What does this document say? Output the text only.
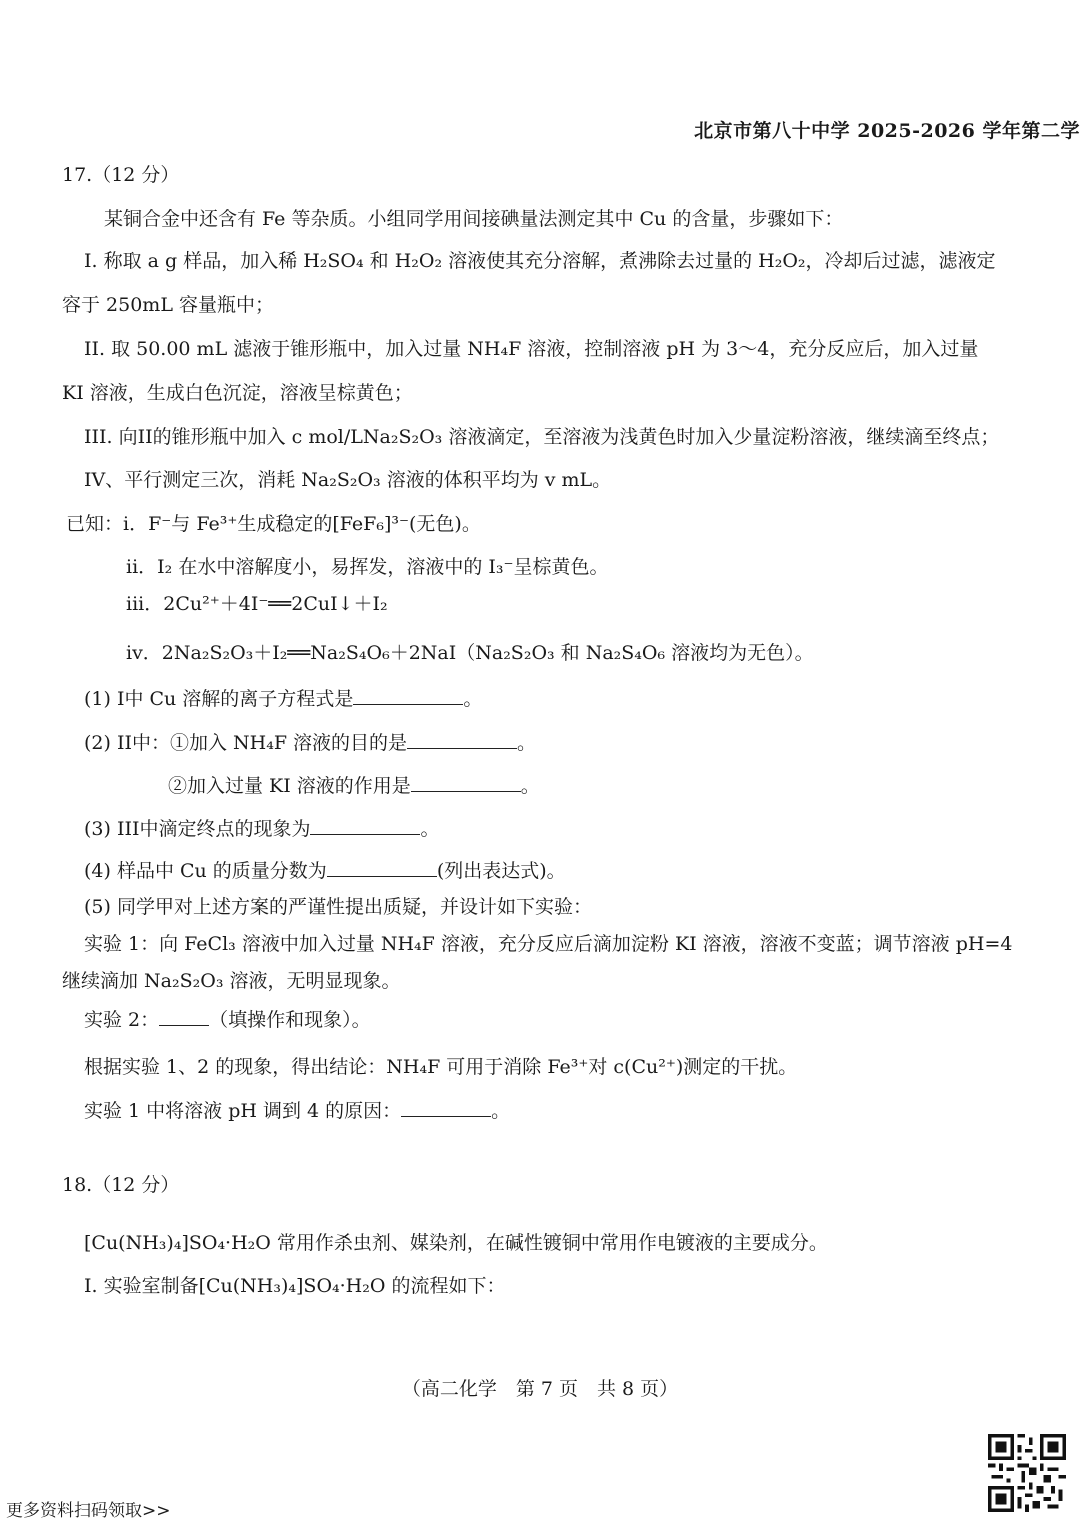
北京市第八十中学 2025-2026 学年第二学
17.（12 分）
某铜合金中还含有 Fe 等杂质。小组同学用间接碘量法测定其中 Cu 的含量，步骤如下：
I. 称取 a g 样品，加入稀 H₂SO₄ 和 H₂O₂ 溶液使其充分溶解，煮沸除去过量的 H₂O₂，冷却后过滤，滤液定
容于 250mL 容量瓶中；
II. 取 50.00 mL 滤液于锥形瓶中，加入过量 NH₄F 溶液，控制溶液 pH 为 3～4，充分反应后，加入过量
KI 溶液，生成白色沉淀，溶液呈棕黄色；
III. 向II的锥形瓶中加入 c mol/LNa₂S₂O₃ 溶液滴定，至溶液为浅黄色时加入少量淀粉溶液，继续滴至终点；
IV、平行测定三次，消耗 Na₂S₂O₃ 溶液的体积平均为 v mL。
已知：i．F⁻与 Fe³⁺生成稳定的[FeF₆]³⁻(无色)。
ii．I₂ 在水中溶解度小，易挥发，溶液中的 I₃⁻呈棕黄色。
iii．2Cu²⁺＋4I⁻══2CuI↓＋I₂
iv．2Na₂S₂O₃＋I₂══Na₂S₄O₆＋2NaI（Na₂S₂O₃ 和 Na₂S₄O₆ 溶液均为无色）。
(1) I中 Cu 溶解的离子方程式是	。
(2) II中：①加入 NH₄F 溶液的目的是	。
②加入过量 KI 溶液的作用是	。
(3) III中滴定终点的现象为	。
(4) 样品中 Cu 的质量分数为	(列出表达式)。
(5) 同学甲对上述方案的严谨性提出质疑，并设计如下实验：
实验 1：向 FeCl₃ 溶液中加入过量 NH₄F 溶液，充分反应后滴加淀粉 KI 溶液，溶液不变蓝；调节溶液 pH=4
继续滴加 Na₂S₂O₃ 溶液，无明显现象。
实验 2：	（填操作和现象）。
根据实验 1、2 的现象，得出结论：NH₄F 可用于消除 Fe³⁺对 c(Cu²⁺)测定的干扰。
实验 1 中将溶液 pH 调到 4 的原因：	。
18.（12 分）
[Cu(NH₃)₄]SO₄·H₂O 常用作杀虫剂、媒染剂，在碱性镀铜中常用作电镀液的主要成分。
I. 实验室制备[Cu(NH₃)₄]SO₄·H₂O 的流程如下：
（高二化学　第 7 页　共 8 页）
更多资料扫码领取>>
